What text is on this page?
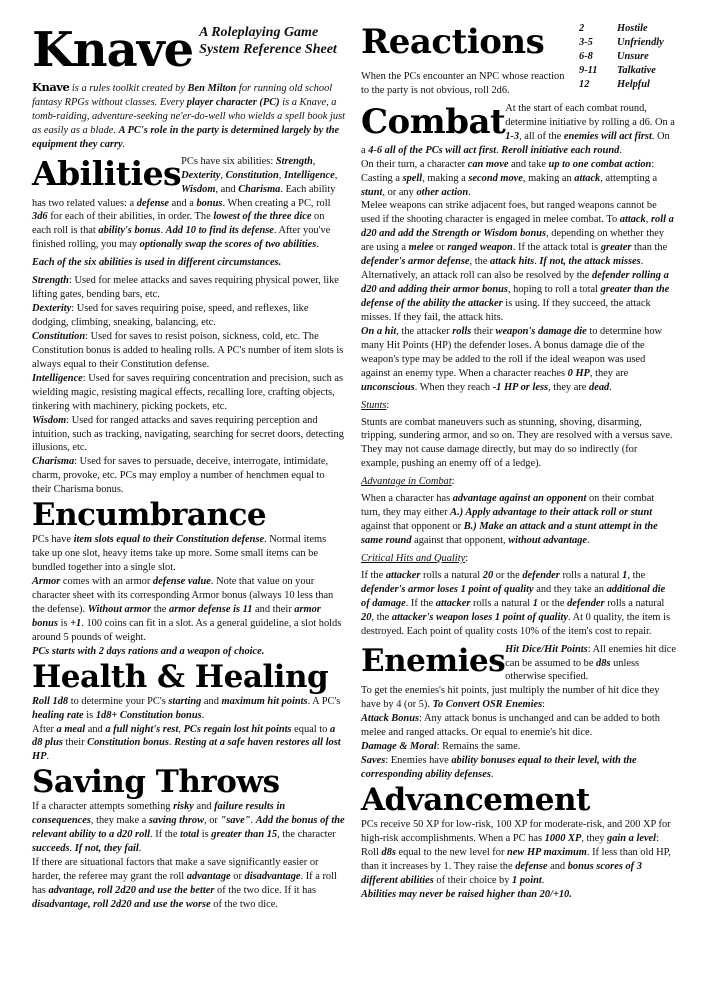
Knave A Roleplaying Game
System Reference Sheet

Knave is a rules toolkit created by Ben Milton for running old school fantasy RPGs without classes. Every player character (PC) is a Knave, a tomb-raiding, adventure-seeking ne'er-do-well who wields a spell book just as easily as a blade. A PC's role in the party is determined largely by the equipment they carry.

Abilities PCs have six abilities: Strength, Dexterity, Constitution, Intelligence, Wisdom, and Charisma. Each ability has two related values: a defense and a bonus. When creating a PC, roll 3d6 for each of their abilities, in order. The lowest of the three dice on each roll is that ability's bonus. Add 10 to find its defense. After you've finished rolling, you may optionally swap the scores of two abilities.

Each of the six abilities is used in different circumstances.

Strength: Used for melee attacks and saves requiring physical power, like lifting gates, bending bars, etc.

Dexterity: Used for saves requiring poise, speed, and reflexes, like dodging, climbing, sneaking, balancing, etc.

Constitution: Used for saves to resist poison, sickness, cold, etc. The Constitution bonus is added to healing rolls. A PC's number of item slots is always equal to their Constitution defense.

Intelligence: Used for saves requiring concentration and precision, such as wielding magic, resisting magical effects, recalling lore, crafting objects, tinkering with machinery, picking pockets, etc.

Wisdom: Used for ranged attacks and saves requiring perception and intuition, such as tracking, navigating, searching for secret doors, detecting illusions, etc.

Charisma: Used for saves to persuade, deceive, interrogate, intimidate, charm, provoke, etc. PCs may employ a number of henchmen equal to their Charisma bonus.

Encumbrance

PCs have item slots equal to their Constitution defense. Normal items take up one slot, heavy items take up more. Some small items can be bundled together into a single slot.

Armor comes with an armor defense value. Note that value on your character sheet with its corresponding Armor bonus (always 10 less than the defense). Without armor the armor defense is 11 and their armor bonus is +1. 100 coins can fit in a slot. As a general guideline, a slot holds around 5 pounds of weight.

PCs starts with 2 days rations and a weapon of choice.

Health & Healing

Roll 1d8 to determine your PC's starting and maximum hit points. A PC's healing rate is 1d8+ Constitution bonus.

After a meal and a full night's rest, PCs regain lost hit points equal to a d8 plus their Constitution bonus. Resting at a safe haven restores all lost HP.

Saving Throws

If a character attempts something risky and failure results in consequences, they make a saving throw, or "save". Add the bonus of the relevant ability to a d20 roll. If the total is greater than 15, the character succeeds. If not, they fail.

If there are situational factors that make a save significantly easier or harder, the referee may grant the roll advantage or disadvantage. If a roll has advantage, roll 2d20 and use the better of the two dice. If it has disadvantage, roll 2d20 and use the worse of the two dice.

Reactions	2	Hostile
3-5	Unfriendly
6-8	Unsure
9-11	Talkative
12	Helpful

When the PCs encounter an NPC whose reaction to the party is not obvious, roll 2d6.

Combat At the start of each combat round, determine initiative by rolling a d6. On a 1-3, all of the enemies will act first. On a 4-6 all of the PCs will act first. Reroll initiative each round.

On their turn, a character can move and take up to one combat action: Casting a spell, making a second move, making an attack, attempting a stunt, or any other action.

Melee weapons can strike adjacent foes, but ranged weapons cannot be used if the shooting character is engaged in melee combat. To attack, roll a d20 and add the Strength or Wisdom bonus, depending on whether they are using a melee or ranged weapon. If the attack total is greater than the defender's armor defense, the attack hits. If not, the attack misses.

Alternatively, an attack roll can also be resolved by the defender rolling a d20 and adding their armor bonus, hoping to roll a total greater than the defense of the ability the attacker is using. If they succeed, the attack misses. If they fail, the attack hits.

On a hit, the attacker rolls their weapon's damage die to determine how many Hit Points (HP) the defender loses. A bonus damage die of the weapon's type may be added to the roll if the ideal weapon was used against an enemy type. When a character reaches 0 HP, they are unconscious. When they reach -1 HP or less, they are dead.

Stunts:

Stunts are combat maneuvers such as stunning, shoving, disarming, tripping, sundering armor, and so on. They are resolved with a versus save. They may not cause damage directly, but may do so indirectly (for example, pushing an enemy off of a ledge).

Advantage in Combat:

When a character has advantage against an opponent on their combat turn, they may either A.) Apply advantage to their attack roll or stunt against that opponent or B.) Make an attack and a stunt attempt in the same round against that opponent, without advantage.

Critical Hits and Quality:

If the attacker rolls a natural 20 or the defender rolls a natural 1, the defender's armor loses 1 point of quality and they take an additional die of damage. If the attacker rolls a natural 1 or the defender rolls a natural 20, the attacker's weapon loses 1 point of quality. At 0 quality, the item is destroyed. Each point of quality costs 10% of the item's cost to repair.

Enemies Hit Dice/Hit Points: All enemies hit dice can be assumed to be d8s unless otherwise specified.

To get the enemies's hit points, just multiply the number of hit dice they have by 4 (or 5). To Convert OSR Enemies:

Attack Bonus: Any attack bonus is unchanged and can be added to both melee and ranged attacks. Or equal to enemie's hit dice.

Damage & Moral: Remains the same.

Saves: Enemies have ability bonuses equal to their level, with the corresponding ability defenses.

Advancement

PCs receive 50 XP for low-risk, 100 XP for moderate-risk, and 200 XP for high-risk accomplishments. When a PC has 1000 XP, they gain a level: Roll d8s equal to the new level for new HP maximum. If less than old HP, than it increases by 1. They raise the defense and bonus scores of 3 different abilities of their choice by 1 point.

Abilities may never be raised higher than 20/+10.
